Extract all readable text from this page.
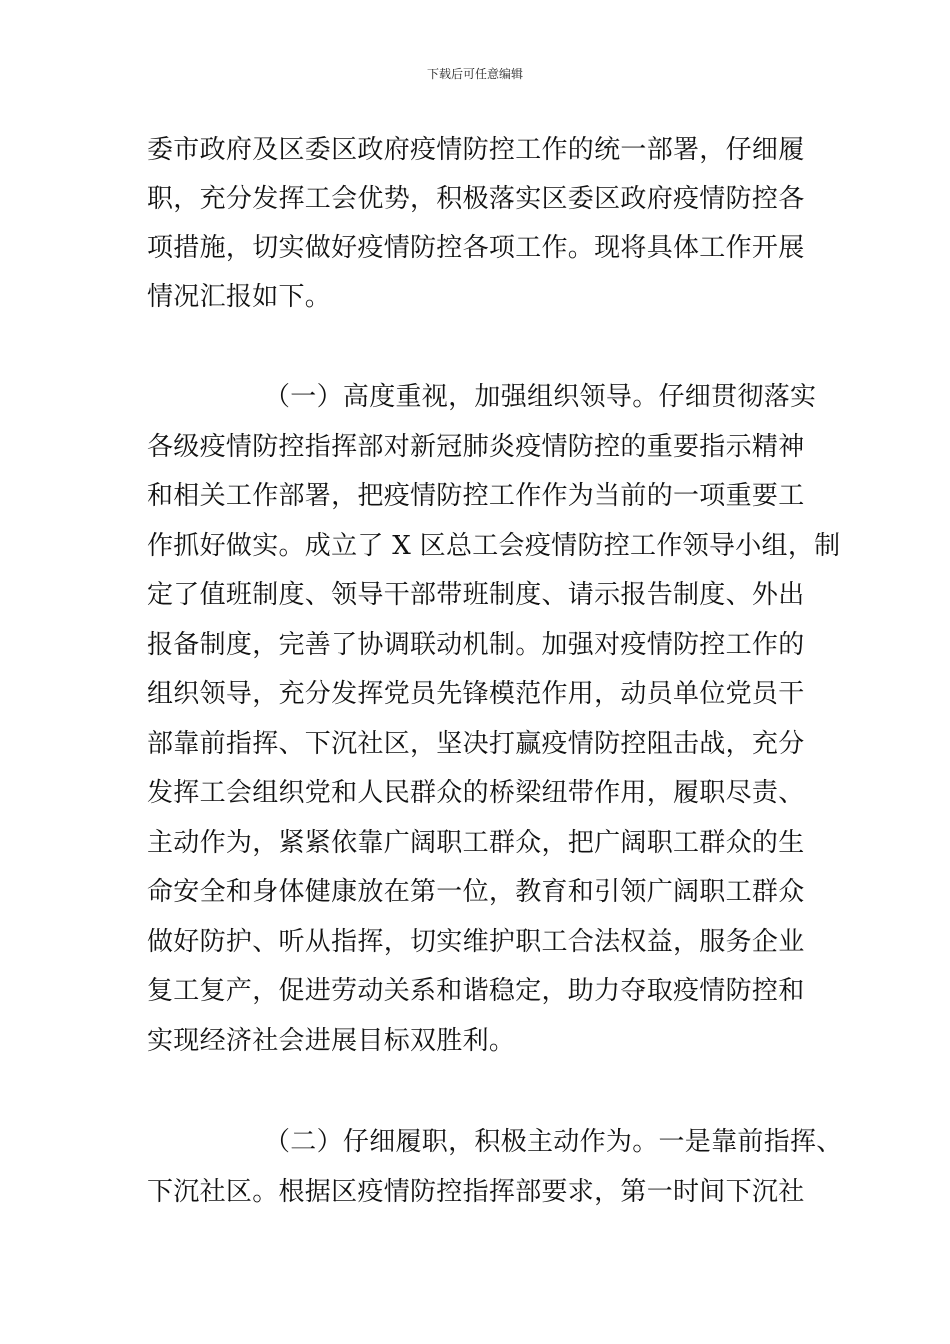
下载后可任意编辑
委市政府及区委区政府疫情防控工作的统一部署，仔细履
职，充分发挥工会优势，积极落实区委区政府疫情防控各
项措施，切实做好疫情防控各项工作。现将具体工作开展
情况汇报如下。
（一）高度重视，加强组织领导。仔细贯彻落实
各级疫情防控指挥部对新冠肺炎疫情防控的重要指示精神
和相关工作部署，把疫情防控工作作为当前的一项重要工
作抓好做实。成立了 X 区总工会疫情防控工作领导小组，制
定了值班制度、领导干部带班制度、请示报告制度、外出
报备制度，完善了协调联动机制。加强对疫情防控工作的
组织领导，充分发挥党员先锋模范作用，动员单位党员干
部靠前指挥、下沉社区，坚决打赢疫情防控阻击战，充分
发挥工会组织党和人民群众的桥梁纽带作用，履职尽责、
主动作为，紧紧依靠广阔职工群众，把广阔职工群众的生
命安全和身体健康放在第一位，教育和引领广阔职工群众
做好防护、听从指挥，切实维护职工合法权益，服务企业
复工复产，促进劳动关系和谐稳定，助力夺取疫情防控和
实现经济社会进展目标双胜利。
（二）仔细履职，积极主动作为。一是靠前指挥、
下沉社区。根据区疫情防控指挥部要求，第一时间下沉社
